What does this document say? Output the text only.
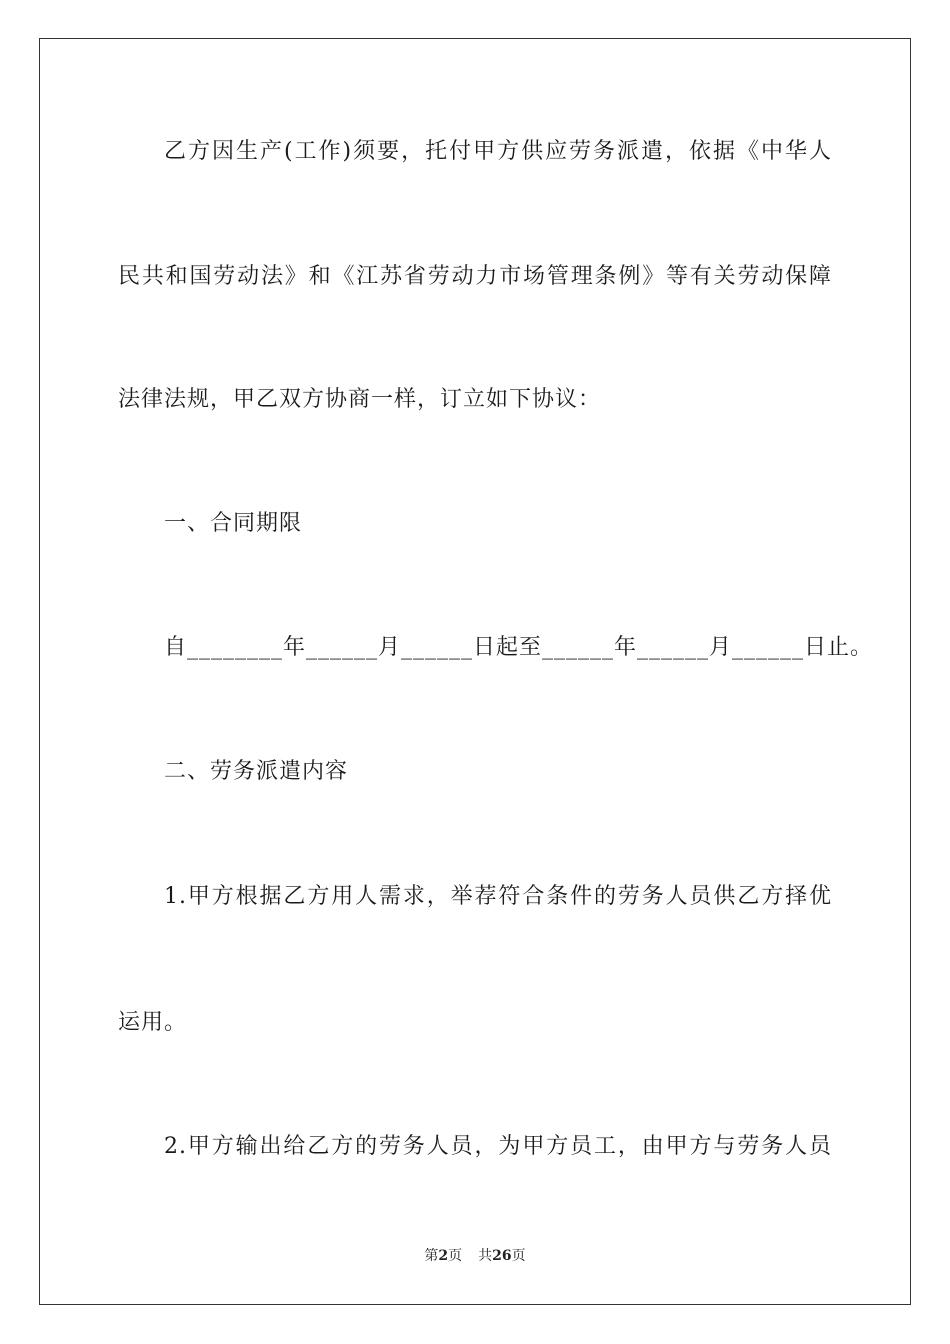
乙方因生产(工作)须要，托付甲方供应劳务派遣，依据《中华人
民共和国劳动法》和《江苏省劳动力市场管理条例》等有关劳动保障
法律法规，甲乙双方协商一样，订立如下协议：
一、合同期限
自________年______月______日起至______年______月______日止。
二、劳务派遣内容
1.甲方根据乙方用人需求，举荐符合条件的劳务人员供乙方择优
运用。
2.甲方输出给乙方的劳务人员，为甲方员工，由甲方与劳务人员
第2页 共26页
